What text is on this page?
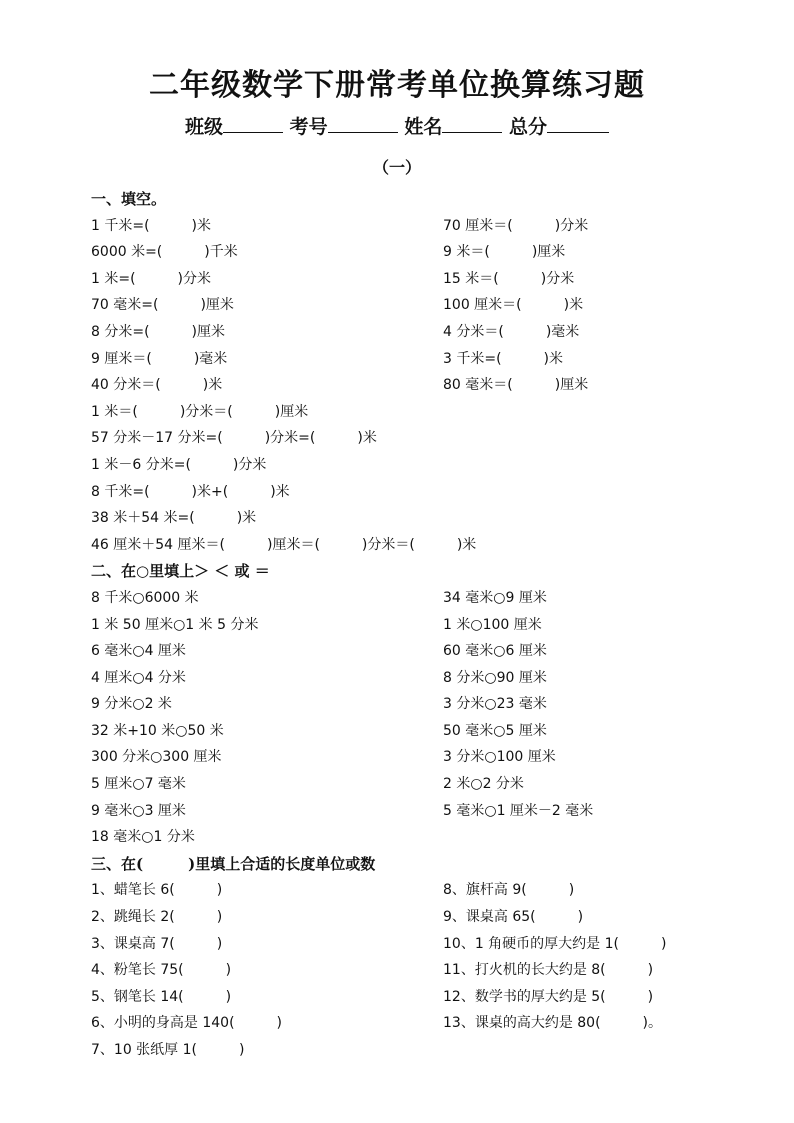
二年级数学下册常考单位换算练习题
班级	考号	姓名	总分
（一）
一、填空。
1 千米=(　　　)米	70 厘米＝(　　　)分米
6000 米=(　　　)千米	9 米＝(　　　)厘米
1 米=(　　　)分米	15 米＝(　　　)分米
70 毫米=(　　　)厘米	100 厘米＝(　　　)米
8 分米=(　　　)厘米	4 分米＝(　　　)毫米
9 厘米＝(　　　)毫米	3 千米=(　　　)米
40 分米＝(　　　)米	80 毫米＝(　　　)厘米
1 米＝(　　　)分米＝(　　　)厘米
57 分米－17 分米=(　　　)分米=(　　　)米
1 米－6 分米=(　　　)分米
8 千米=(　　　)米+(　　　)米
38 米＋54 米=(　　　)米
46 厘米＋54 厘米＝(　　　)厘米＝(　　　)分米＝(　　　)米
二、在○里填上＞ ＜ 或 ＝
8 千米○6000 米	34 毫米○9 厘米
1 米 50 厘米○1 米 5 分米	1 米○100 厘米
6 毫米○4 厘米	60 毫米○6 厘米
4 厘米○4 分米	8 分米○90 厘米
9 分米○2 米	3 分米○23 毫米
32 米+10 米○50 米	50 毫米○5 厘米
300 分米○300 厘米	3 分米○100 厘米
5 厘米○7 毫米	2 米○2 分米
9 毫米○3 厘米	5 毫米○1 厘米－2 毫米
18 毫米○1 分米
三、在(　　　)里填上合适的长度单位或数
1、蜡笔长 6(　　　)	8、旗杆高 9(　　　)
2、跳绳长 2(　　　)	9、课桌高 65(　　　)
3、课桌高 7(　　　)	10、1 角硬币的厚大约是 1(　　　)
4、粉笔长 75(　　　)	11、打火机的长大约是 8(　　　)
5、钢笔长 14(　　　)	12、数学书的厚大约是 5(　　　)
6、小明的身高是 140(　　　)	13、课桌的高大约是 80(　　　)。
7、10 张纸厚 1(　　　)
